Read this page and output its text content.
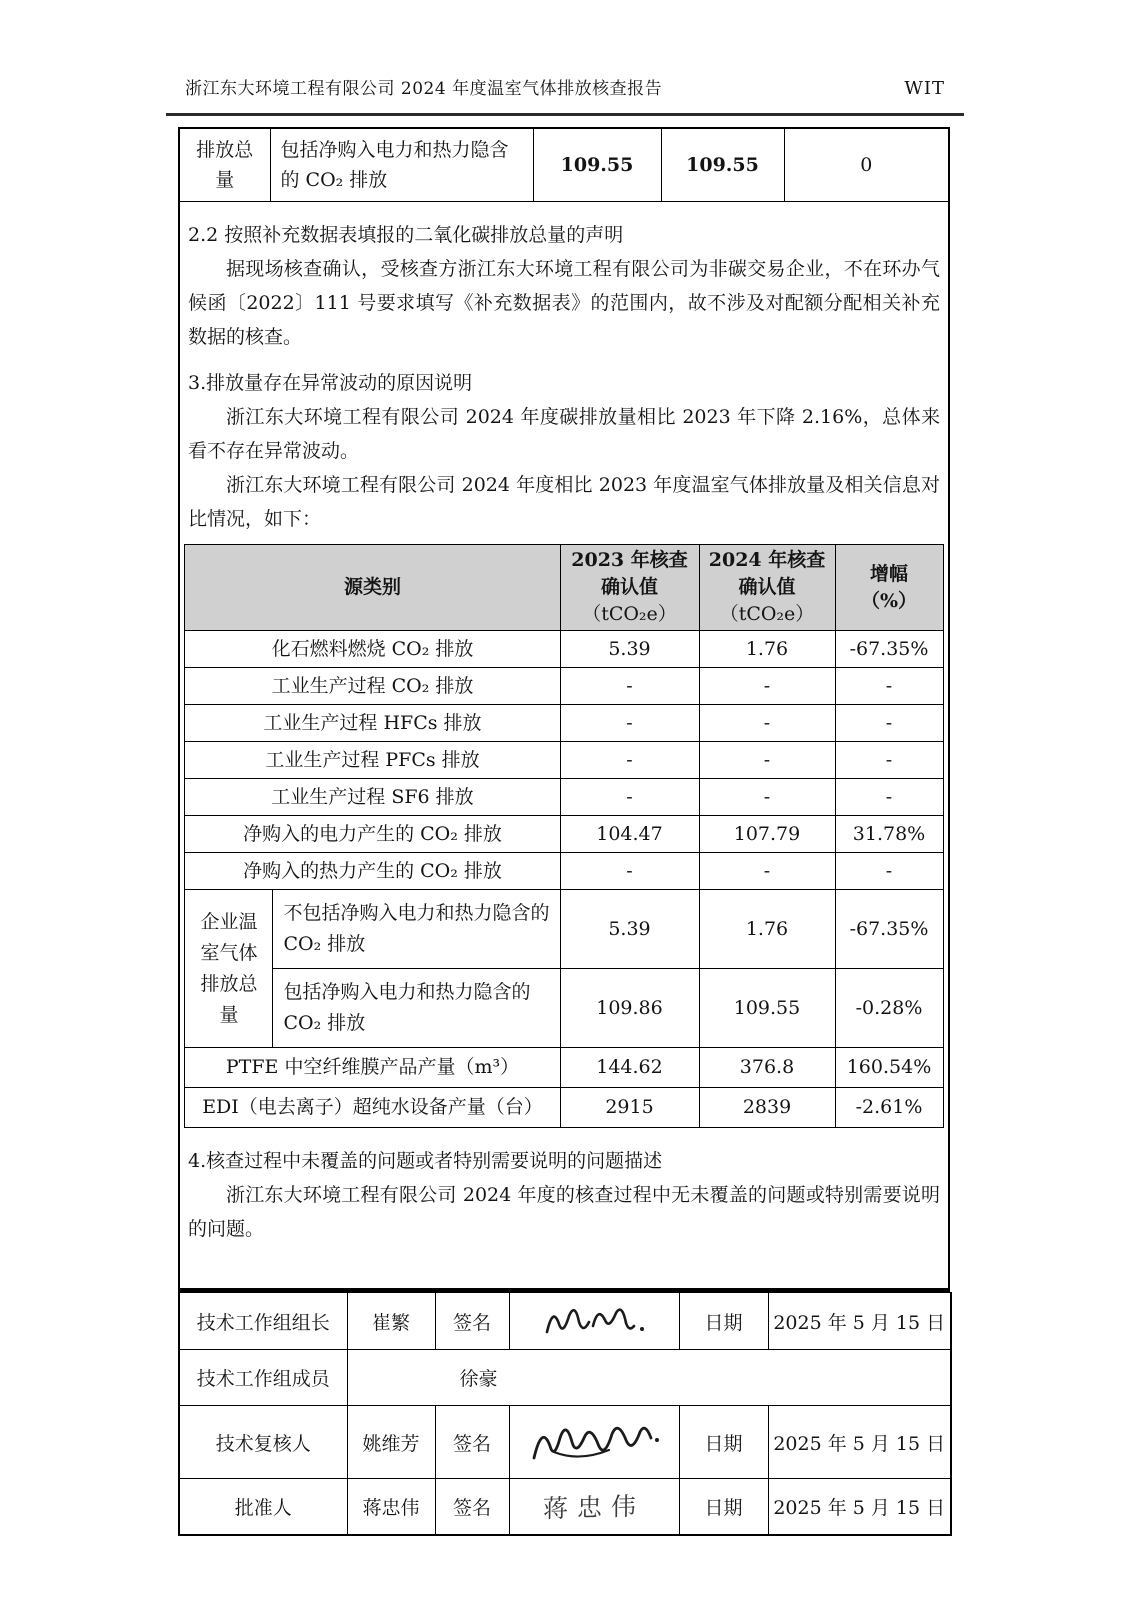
浙江东大环境工程有限公司 2024 年度温室气体排放核查报告	WIT
排放总量	包括净购入电力和热力隐含的 CO₂ 排放	109.55	109.55	0

2.2 按照补充数据表填报的二氧化碳排放总量的声明

据现场核查确认，受核查方浙江东大环境工程有限公司为非碳交易企业，不在环办气候函〔2022〕111 号要求填写《补充数据表》的范围内，故不涉及对配额分配相关补充数据的核查。

3.排放量存在异常波动的原因说明

浙江东大环境工程有限公司 2024 年度碳排放量相比 2023 年下降 2.16%，总体来看不存在异常波动。

浙江东大环境工程有限公司 2024 年度相比 2023 年度温室气体排放量及相关信息对比情况，如下：

源类别		2023 年核查
确认值
（tCO₂e）	2024 年核查
确认值
（tCO₂e）	增幅
（%）
化石燃料燃烧 CO₂ 排放		5.39	1.76	-67.35%
工业生产过程 CO₂ 排放		-	-	-
工业生产过程 HFCs 排放		-	-	-
工业生产过程 PFCs 排放		-	-	-
工业生产过程 SF6 排放		-	-	-
净购入的电力产生的 CO₂ 排放		104.47	107.79	31.78%
净购入的热力产生的 CO₂ 排放		-	-	-
企业温室气体排放总量	不包括净购入电力和热力隐含的 CO₂ 排放	5.39	1.76	-67.35%
	包括净购入电力和热力隐含的 CO₂ 排放	109.86	109.55	-0.28%
PTFE 中空纤维膜产品产量（m³）		144.62	376.8	160.54%
EDI（电去离子）超纯水设备产量（台）		2915	2839	-2.61%

4.核查过程中未覆盖的问题或者特别需要说明的问题描述

浙江东大环境工程有限公司 2024 年度的核查过程中无未覆盖的问题或特别需要说明的问题。

技术工作组组长	崔繁	签名		日期	2025 年 5 月 15 日
技术工作组成员	徐豪				
技术复核人	姚维芳	签名		日期	2025 年 5 月 15 日
批准人	蒋忠伟	签名	蒋忠伟	日期	2025 年 5 月 15 日
